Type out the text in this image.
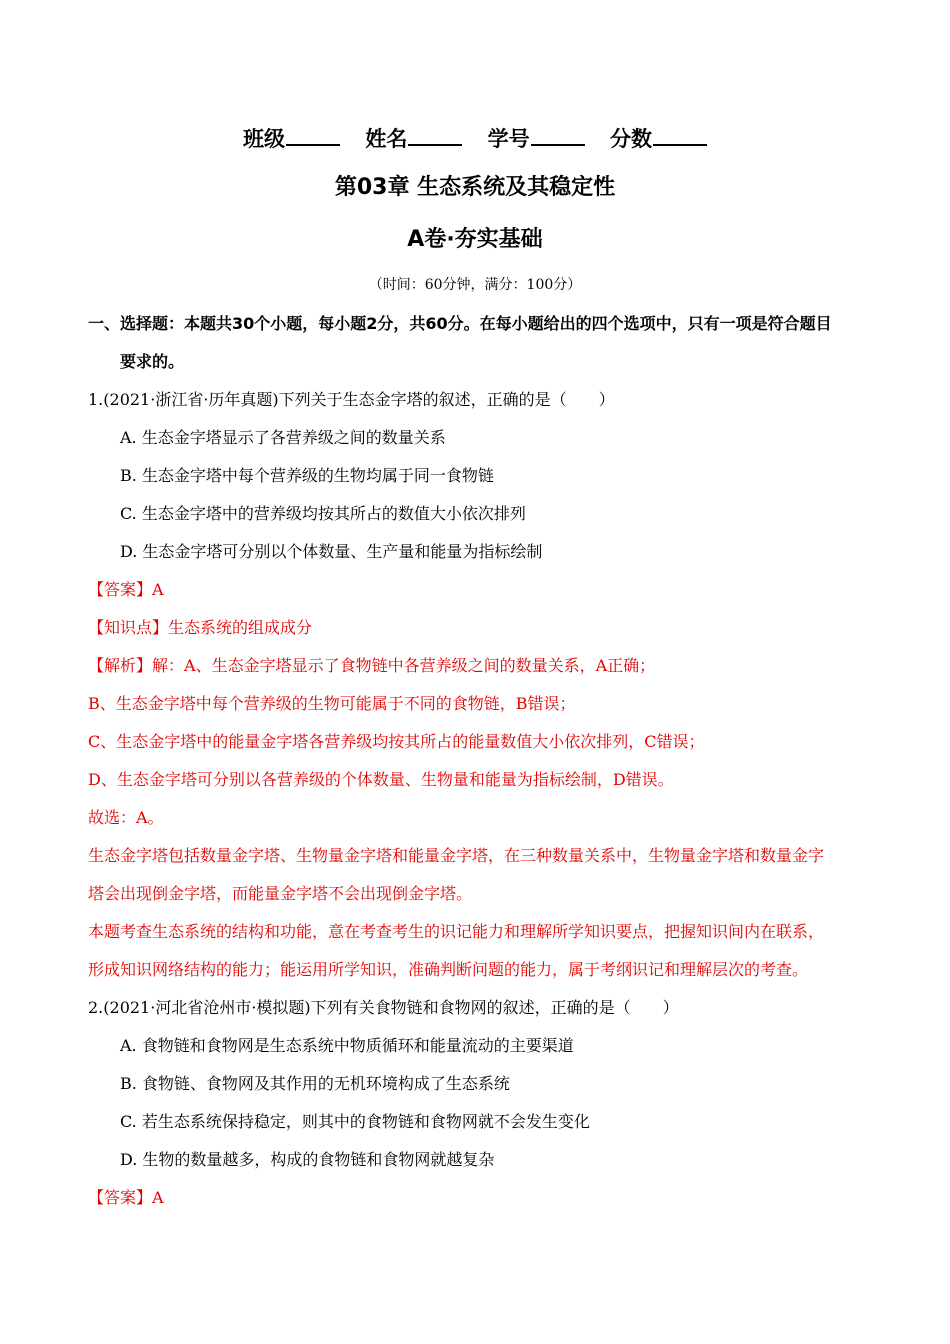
班级	姓名	学号	分数
第03章 生态系统及其稳定性
A卷·夯实基础
（时间：60分钟，满分：100分）
一、选择题：本题共30个小题，每小题2分，共60分。在每小题给出的四个选项中，只有一项是符合题目
要求的。
1.(2021·浙江省·历年真题)下列关于生态金字塔的叙述，正确的是（　　）
A. 生态金字塔显示了各营养级之间的数量关系
B. 生态金字塔中每个营养级的生物均属于同一食物链
C. 生态金字塔中的营养级均按其所占的数值大小依次排列
D. 生态金字塔可分别以个体数量、生产量和能量为指标绘制
【答案】A
【知识点】生态系统的组成成分
【解析】解：A、生态金字塔显示了食物链中各营养级之间的数量关系，A正确；
B、生态金字塔中每个营养级的生物可能属于不同的食物链，B错误；
C、生态金字塔中的能量金字塔各营养级均按其所占的能量数值大小依次排列，C错误；
D、生态金字塔可分别以各营养级的个体数量、生物量和能量为指标绘制，D错误。
故选：A。
生态金字塔包括数量金字塔、生物量金字塔和能量金字塔，在三种数量关系中，生物量金字塔和数量金字
塔会出现倒金字塔，而能量金字塔不会出现倒金字塔。
本题考查生态系统的结构和功能，意在考查考生的识记能力和理解所学知识要点，把握知识间内在联系，
形成知识网络结构的能力；能运用所学知识，准确判断问题的能力，属于考纲识记和理解层次的考查。
2.(2021·河北省沧州市·模拟题)下列有关食物链和食物网的叙述，正确的是（　　）
A. 食物链和食物网是生态系统中物质循环和能量流动的主要渠道
B. 食物链、食物网及其作用的无机环境构成了生态系统
C. 若生态系统保持稳定，则其中的食物链和食物网就不会发生变化
D. 生物的数量越多，构成的食物链和食物网就越复杂
【答案】A
